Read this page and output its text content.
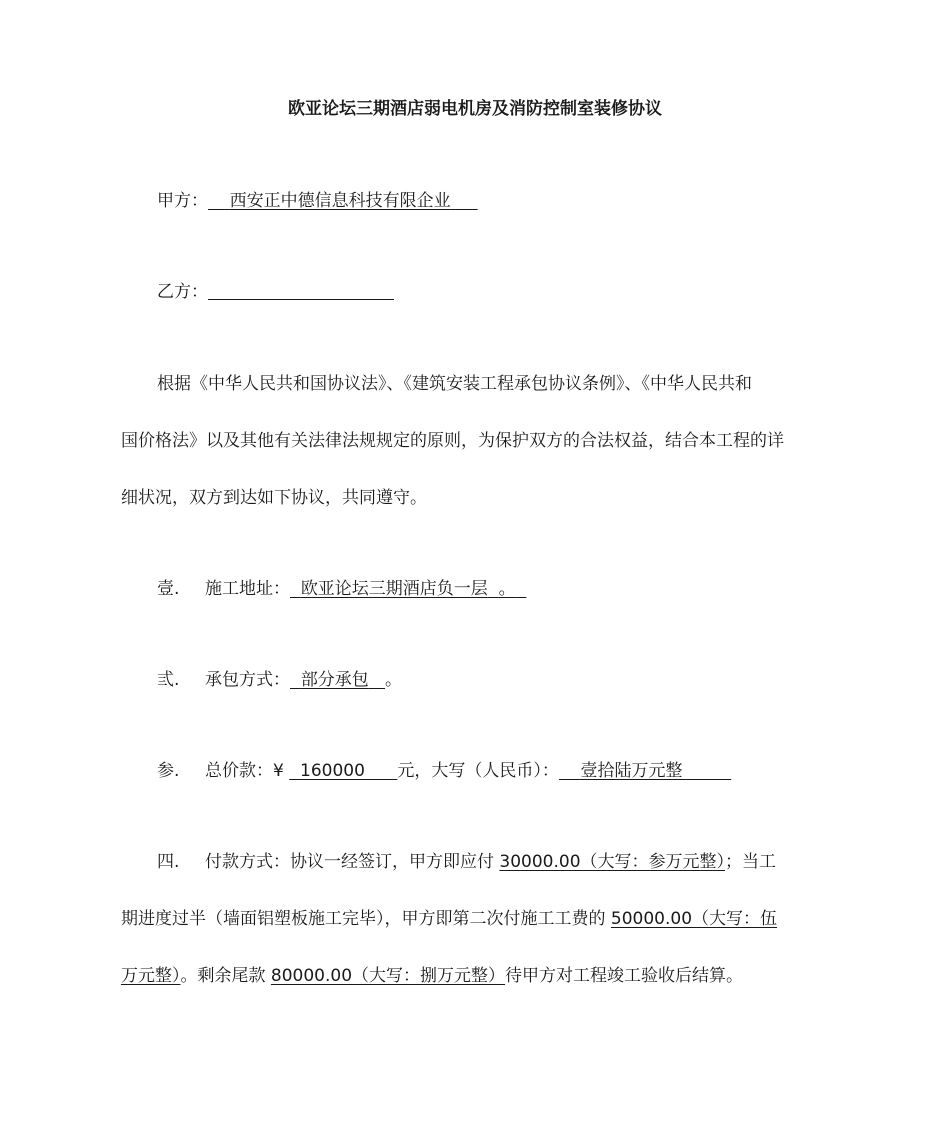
欧亚论坛三期酒店弱电机房及消防控制室装修协议
甲方： 西安正中德信息科技有限企业
乙方：
根据《中华人民共和国协议法》、《建筑安装工程承包协议条例》、《中华人民共和
国价格法》以及其他有关法律法规规定的原则，为保护双方的合法权益，结合本工程的详
细状况，双方到达如下协议，共同遵守。
壹. 施工地址： 欧亚论坛三期酒店负一层 。
弎. 承包方式： 部分承包 。
参. 总价款：¥ 160000 元，大写（人民币）： 壹拾陆万元整
四. 付款方式：协议一经签订，甲方即应付 30000.00（大写：参万元整）；当工
期进度过半（墙面铝塑板施工完毕），甲方即第二次付施工工费的 50000.00（大写：伍
万元整）。剩余尾款 80000.00（大写：捌万元整）待甲方对工程竣工验收后结算。
